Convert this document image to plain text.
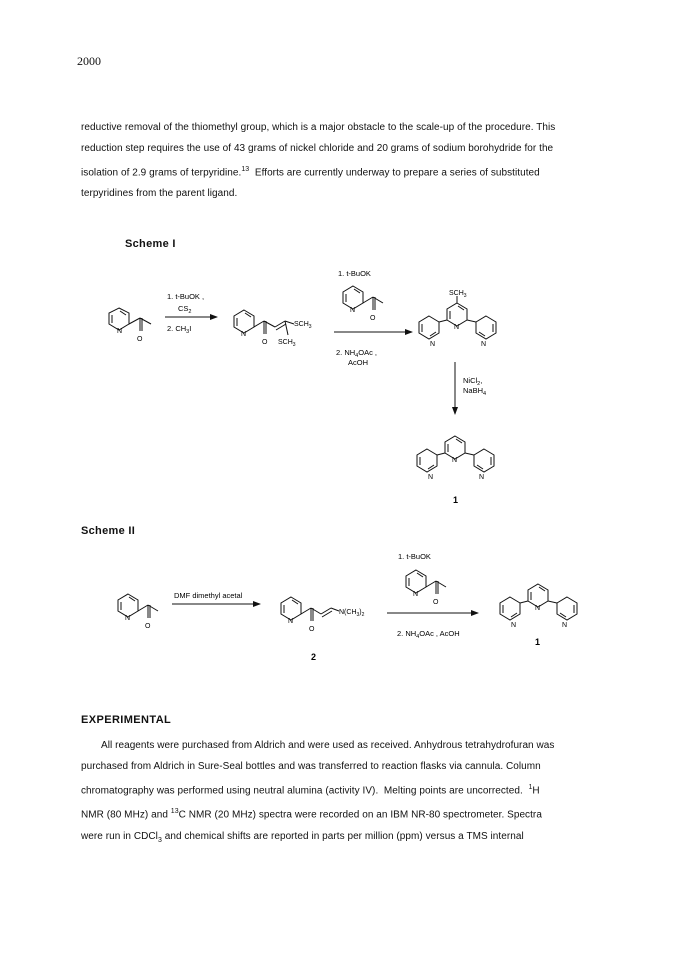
2000
reductive removal of the thiomethyl group, which is a major obstacle to the scale-up of the procedure. This
reduction step requires the use of 43 grams of nickel chloride and 20 grams of sodium borohydride for the
isolation of 2.9 grams of terpyridine.$^{13}$  Efforts are currently underway to prepare a series of substituted
terpyridines from the parent ligand.
Scheme I
Scheme II
N
O
1. t-BuOK ,
$CS_2$
2. $CH_3I$
N
O
$SCH_3$
$SCH_3$
N
O
1. t-BuOK
2. $NH_4OAc$ ,
AcOH
$SCH_3$
N
N	N
NiCl$_2$,
NaBH$_4$
N
N	N
1
N
O
DMF dimethyl acetal
N
O
$N(CH_3)_2$
2
N
O
1. t-BuOK
2. $NH_4OAc$ , AcOH
N
N	N
1
EXPERIMENTAL
All reagents were purchased from Aldrich and were used as received. Anhydrous tetrahydrofuran was
purchased from Aldrich in Sure-Seal bottles and was transferred to reaction flasks via cannula. Column
chromatography was performed using neutral alumina (activity IV).  Melting points are uncorrected.  $^1$H
NMR (80 MHz) and $^{13}$C NMR (20 MHz) spectra were recorded on an IBM NR-80 spectrometer. Spectra
were run in CDCl$_3$ and chemical shifts are reported in parts per million (ppm) versus a TMS internal
